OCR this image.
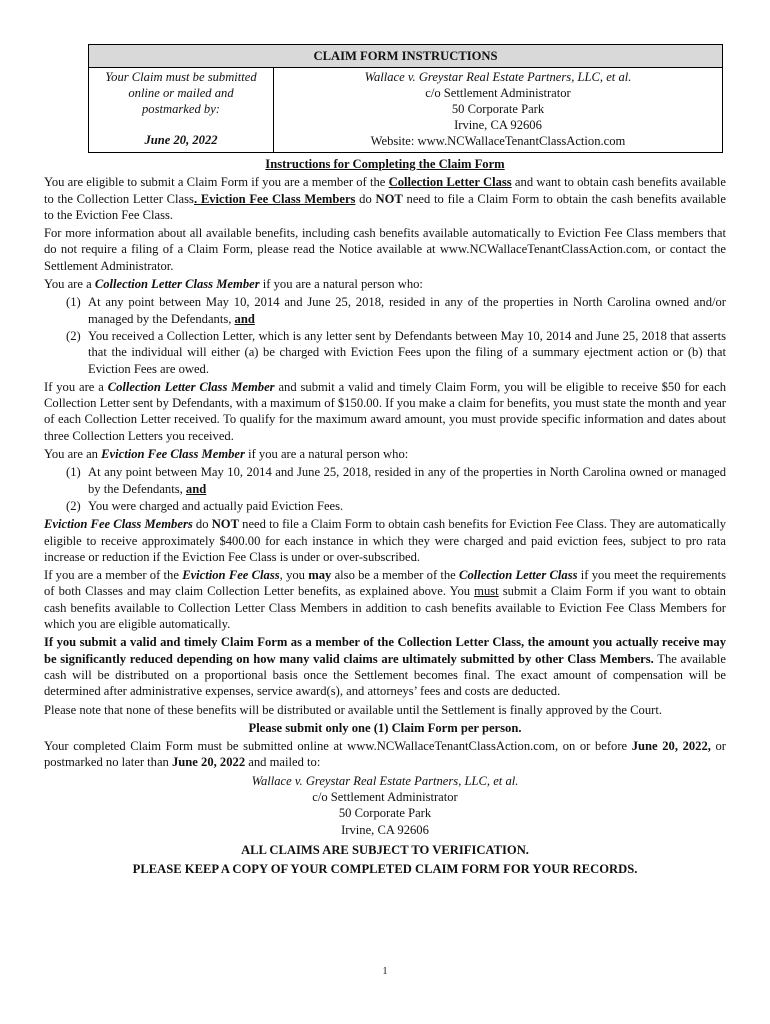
CLAIM FORM INSTRUCTIONS

Your Claim must be submitted
online or mailed and
postmarked by:
June 20, 2022

Wallace v. Greystar Real Estate Partners, LLC, et al.
c/o Settlement Administrator
50 Corporate Park
Irvine, CA 92606
Website: www.NCWallaceTenantClassAction.com
Instructions for Completing the Claim Form

You are eligible to submit a Claim Form if you are a member of the Collection Letter Class and want to obtain cash benefits available to the Collection Letter Class. Eviction Fee Class Members do NOT need to file a Claim Form to obtain the cash benefits available to the Eviction Fee Class.

For more information about all available benefits, including cash benefits available automatically to Eviction Fee Class members that do not require a filing of a Claim Form, please read the Notice available at www.NCWallaceTenantClassAction.com, or contact the Settlement Administrator.

You are a Collection Letter Class Member if you are a natural person who:

(1) At any point between May 10, 2014 and June 25, 2018, resided in any of the properties in North Carolina owned and/or managed by the Defendants, and
(2) You received a Collection Letter, which is any letter sent by Defendants between May 10, 2014 and June 25, 2018 that asserts that the individual will either (a) be charged with Eviction Fees upon the filing of a summary ejectment action or (b) that Eviction Fees are owed.

If you are a Collection Letter Class Member and submit a valid and timely Claim Form, you will be eligible to receive $50 for each Collection Letter sent by Defendants, with a maximum of $150.00. If you make a claim for benefits, you must state the month and year of each Collection Letter received. To qualify for the maximum award amount, you must provide specific information and dates about three Collection Letters you received.

You are an Eviction Fee Class Member if you are a natural person who:

(1) At any point between May 10, 2014 and June 25, 2018, resided in any of the properties in North Carolina owned or managed by the Defendants, and
(2) You were charged and actually paid Eviction Fees.

Eviction Fee Class Members do NOT need to file a Claim Form to obtain cash benefits for Eviction Fee Class. They are automatically eligible to receive approximately $400.00 for each instance in which they were charged and paid eviction fees, subject to pro rata increase or reduction if the Eviction Fee Class is under or over-subscribed.

If you are a member of the Eviction Fee Class, you may also be a member of the Collection Letter Class if you meet the requirements of both Classes and may claim Collection Letter benefits, as explained above. You must submit a Claim Form if you want to obtain cash benefits available to Collection Letter Class Members in addition to cash benefits available to Eviction Fee Class Members for which you are eligible automatically.

If you submit a valid and timely Claim Form as a member of the Collection Letter Class, the amount you actually receive may be significantly reduced depending on how many valid claims are ultimately submitted by other Class Members. The available cash will be distributed on a proportional basis once the Settlement becomes final. The exact amount of compensation will be determined after administrative expenses, service award(s), and attorneys’ fees and costs are deducted.

Please note that none of these benefits will be distributed or available until the Settlement is finally approved by the Court.

Please submit only one (1) Claim Form per person.

Your completed Claim Form must be submitted online at www.NCWallaceTenantClassAction.com, on or before June 20, 2022, or postmarked no later than June 20, 2022 and mailed to:

Wallace v. Greystar Real Estate Partners, LLC, et al.
c/o Settlement Administrator
50 Corporate Park
Irvine, CA 92606
ALL CLAIMS ARE SUBJECT TO VERIFICATION.
PLEASE KEEP A COPY OF YOUR COMPLETED CLAIM FORM FOR YOUR RECORDS.
1
